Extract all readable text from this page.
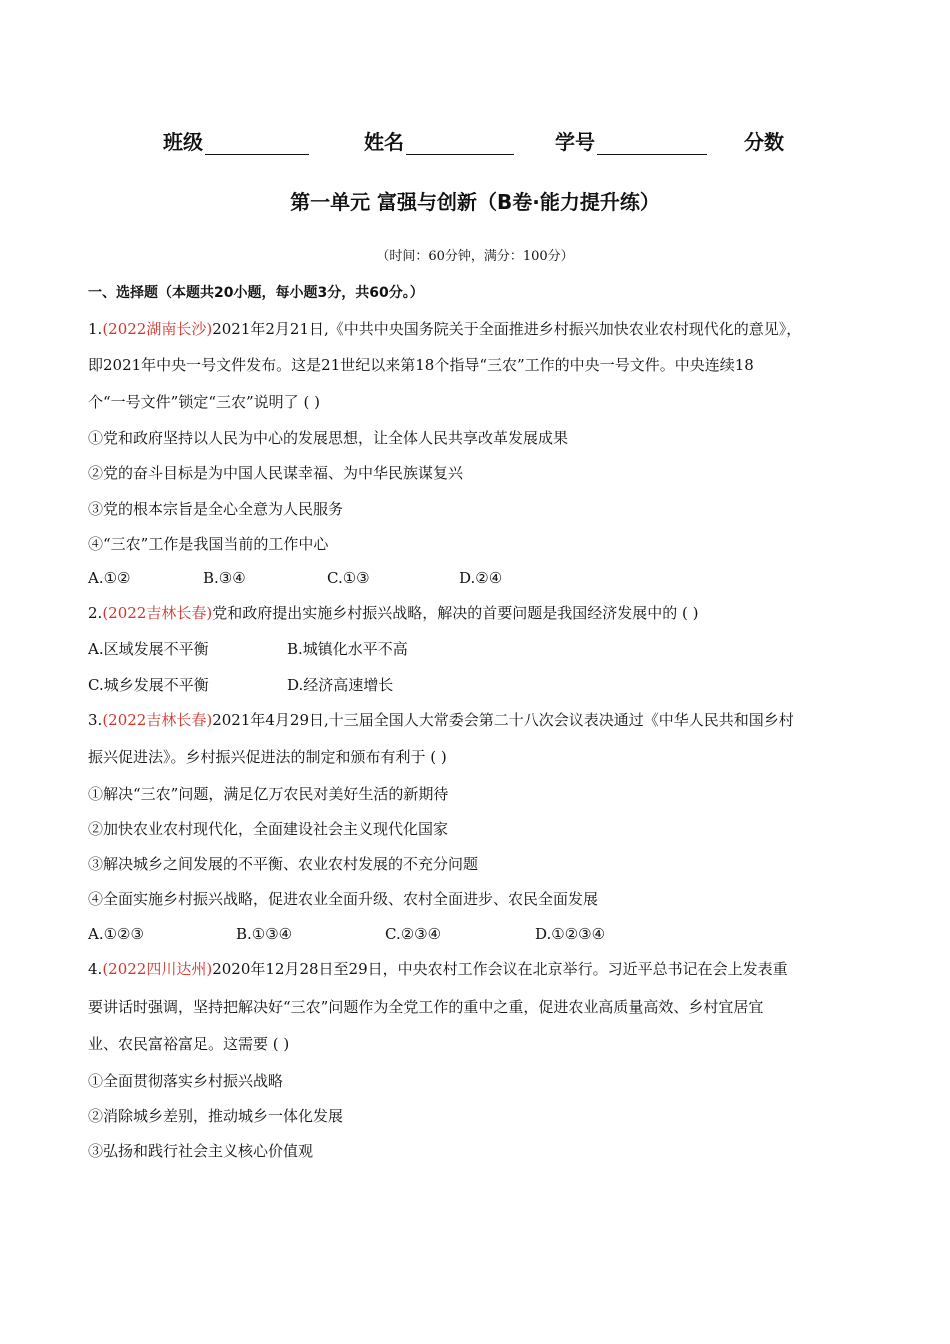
班级	姓名	学号	分数
第一单元 富强与创新（B卷·能力提升练）
（时间：60分钟，满分：100分）
一、选择题（本题共20小题，每小题3分，共60分。）
1.(2022湖南长沙)2021年2月21日,《中共中央国务院关于全面推进乡村振兴加快农业农村现代化的意见》，
即2021年中央一号文件发布。这是21世纪以来第18个指导“三农”工作的中央一号文件。中央连续18
个“一号文件”锁定“三农”说明了 ( )
①党和政府坚持以人民为中心的发展思想，让全体人民共享改革发展成果
②党的奋斗目标是为中国人民谋幸福、为中华民族谋复兴
③党的根本宗旨是全心全意为人民服务
④“三农”工作是我国当前的工作中心
A.①②	B.③④	C.①③	D.②④
2.(2022吉林长春)党和政府提出实施乡村振兴战略，解决的首要问题是我国经济发展中的 ( )
A.区域发展不平衡	B.城镇化水平不高
C.城乡发展不平衡	D.经济高速增长
3.(2022吉林长春)2021年4月29日,十三届全国人大常委会第二十八次会议表决通过《中华人民共和国乡村
振兴促进法》。乡村振兴促进法的制定和颁布有利于 ( )
①解决“三农”问题，满足亿万农民对美好生活的新期待
②加快农业农村现代化，全面建设社会主义现代化国家
③解决城乡之间发展的不平衡、农业农村发展的不充分问题
④全面实施乡村振兴战略，促进农业全面升级、农村全面进步、农民全面发展
A.①②③	B.①③④	C.②③④	D.①②③④
4.(2022四川达州)2020年12月28日至29日，中央农村工作会议在北京举行。习近平总书记在会上发表重
要讲话时强调，坚持把解决好“三农”问题作为全党工作的重中之重，促进农业高质量高效、乡村宜居宜
业、农民富裕富足。这需要 ( )
①全面贯彻落实乡村振兴战略
②消除城乡差别，推动城乡一体化发展
③弘扬和践行社会主义核心价值观
